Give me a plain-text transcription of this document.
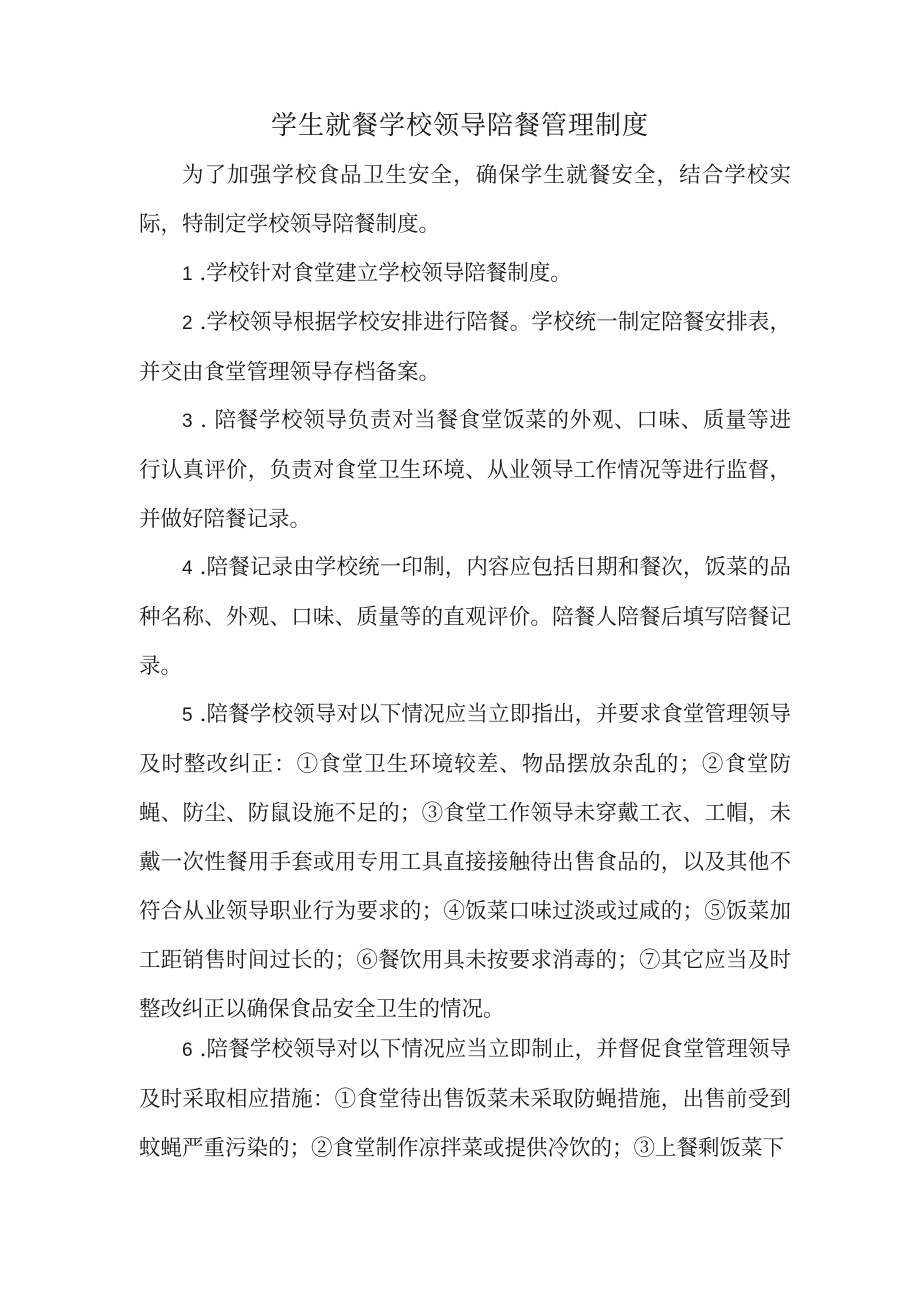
学生就餐学校领导陪餐管理制度

为了加强学校食品卫生安全，确保学生就餐安全，结合学校实际，特制定学校领导陪餐制度。

1 .学校针对食堂建立学校领导陪餐制度。

2 .学校领导根据学校安排进行陪餐。学校统一制定陪餐安排表，并交由食堂管理领导存档备案。

3 . 陪餐学校领导负责对当餐食堂饭菜的外观、口味、质量等进行认真评价，负责对食堂卫生环境、从业领导工作情况等进行监督，并做好陪餐记录。

4 .陪餐记录由学校统一印制，内容应包括日期和餐次，饭菜的品种名称、外观、口味、质量等的直观评价。陪餐人陪餐后填写陪餐记录。

5 .陪餐学校领导对以下情况应当立即指出，并要求食堂管理领导及时整改纠正：①食堂卫生环境较差、物品摆放杂乱的；②食堂防蝇、防尘、防鼠设施不足的；③食堂工作领导未穿戴工衣、工帽，未戴一次性餐用手套或用专用工具直接接触待出售食品的，以及其他不符合从业领导职业行为要求的；④饭菜口味过淡或过咸的；⑤饭菜加工距销售时间过长的；⑥餐饮用具未按要求消毒的；⑦其它应当及时整改纠正以确保食品安全卫生的情况。

6 .陪餐学校领导对以下情况应当立即制止，并督促食堂管理领导及时采取相应措施：①食堂待出售饭菜未采取防蝇措施，出售前受到蚊蝇严重污染的；②食堂制作凉拌菜或提供冷饮的；③上餐剩饭菜下
